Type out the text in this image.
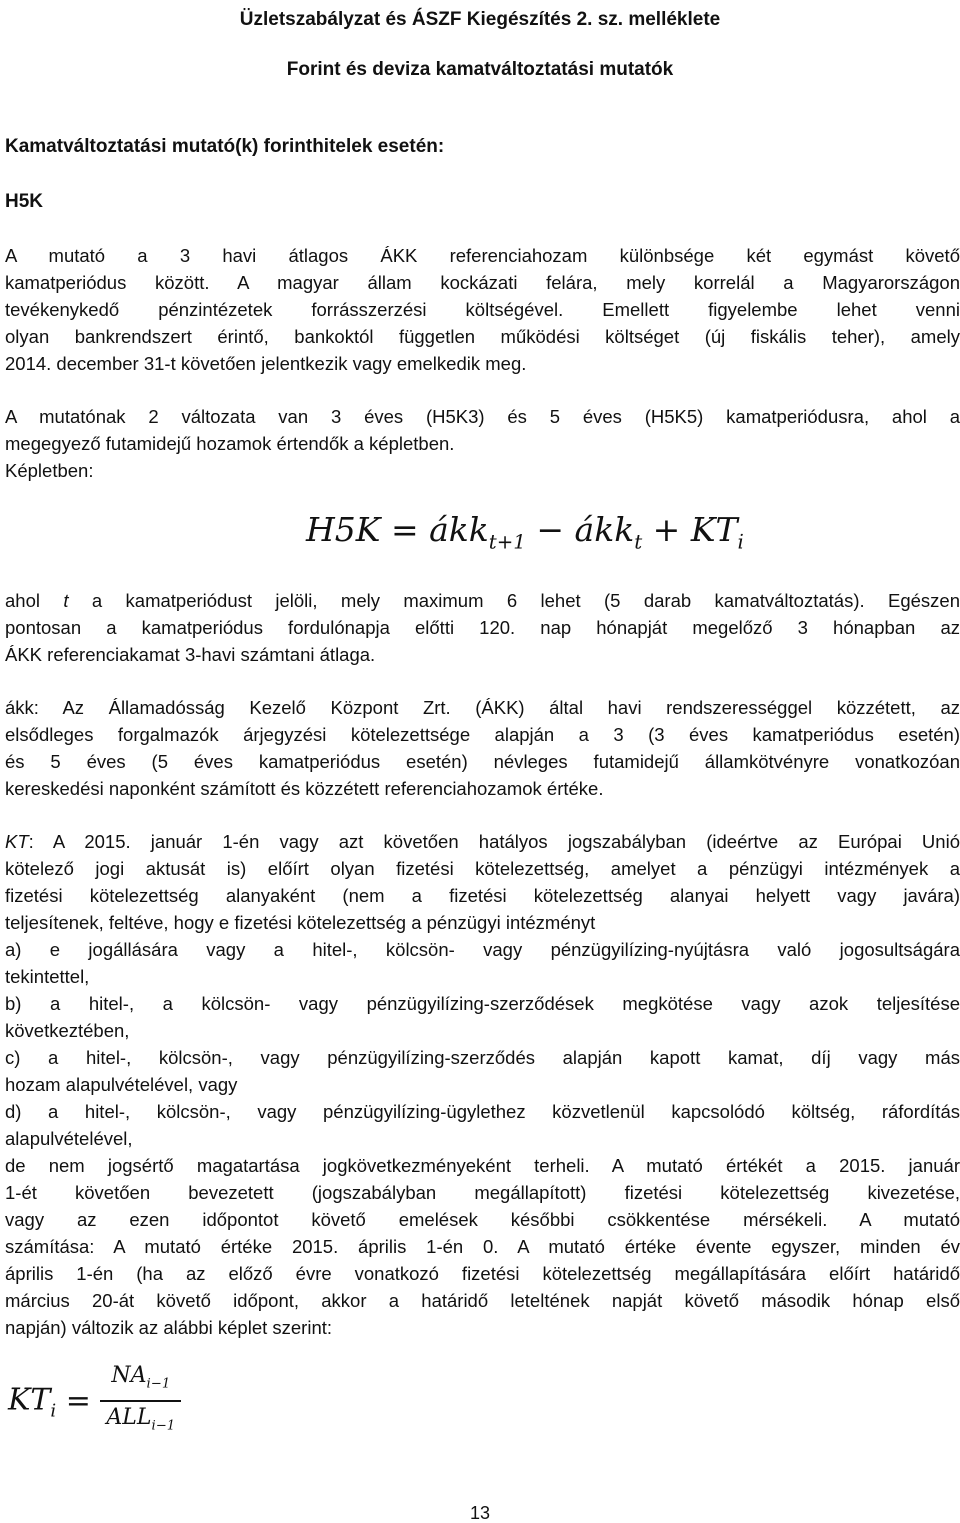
Üzletszabályzat és ÁSZF Kiegészítés 2. sz. melléklete
Forint és deviza kamatváltoztatási mutatók
Kamatváltoztatási mutató(k) forinthitelek esetén:
H5K
A mutató a 3 havi átlagos ÁKK referenciahozam különbsége két egymást követő
kamatperiódus között. A magyar állam kockázati felára, mely korrelál a Magyarországon
tevékenykedő pénzintézetek forrásszerzési költségével. Emellett figyelembe lehet venni
olyan bankrendszert érintő, bankoktól független működési költséget (új fiskális teher), amely
2014. december 31-t követően jelentkezik vagy emelkedik meg.
A mutatónak 2 változata van 3 éves (H5K3) és 5 éves (H5K5) kamatperiódusra, ahol a
megegyező futamidejű hozamok értendők a képletben.
Képletben:
H5K = ákk$_{t+1}$ − ákk$_t$ + $KT_i$
ahol t a kamatperiódust jelöli, mely maximum 6 lehet (5 darab kamatváltoztatás). Egészen
pontosan a kamatperiódus fordulónapja előtti 120. nap hónapját megelőző 3 hónapban az
ÁKK referenciakamat 3-havi számtani átlaga.
ákk: Az Államadósság Kezelő Központ Zrt. (ÁKK) által havi rendszerességgel közzétett, az
elsődleges forgalmazók árjegyzési kötelezettsége alapján a 3 (3 éves kamatperiódus esetén)
és 5 éves (5 éves kamatperiódus esetén) névleges futamidejű államkötvényre vonatkozóan
kereskedési naponként számított és közzétett referenciahozamok értéke.
KT: A 2015. január 1-én vagy azt követően hatályos jogszabályban (ideértve az Európai Unió
kötelező jogi aktusát is) előírt olyan fizetési kötelezettség, amelyet a pénzügyi intézmények a
fizetési kötelezettség alanyaként (nem a fizetési kötelezettség alanyai helyett vagy javára)
teljesítenek, feltéve, hogy e fizetési kötelezettség a pénzügyi intézményt
a) e jogállására vagy a hitel-, kölcsön- vagy pénzügyilízing-nyújtásra való jogosultságára
tekintettel,
b) a hitel-, a kölcsön- vagy pénzügyilízing-szerződések megkötése vagy azok teljesítése
következtében,
c) a hitel-, kölcsön-, vagy pénzügyilízing-szerződés alapján kapott kamat, díj vagy más
hozam alapulvételével, vagy
d) a hitel-, kölcsön-, vagy pénzügyilízing-ügylethez közvetlenül kapcsolódó költség, ráfordítás
alapulvételével,
de nem jogsértő magatartása jogkövetkezményeként terheli. A mutató értékét a 2015. január
1-ét követően bevezetett (jogszabályban megállapított) fizetési kötelezettség kivezetése,
vagy az ezen időpontot követő emelések későbbi csökkentése mérsékeli. A mutató
számítása: A mutató értéke 2015. április 1-én 0. A mutató értéke évente egyszer, minden év
április 1-én (ha az előző évre vonatkozó fizetési kötelezettség megállapítására előírt határidő
március 20-át követő időpont, akkor a határidő leteltének napját követő második hónap első
napján) változik az alábbi képlet szerint:
$KT_i = \frac{NA_{i-1}}{ALL_{i-1}}$
13
